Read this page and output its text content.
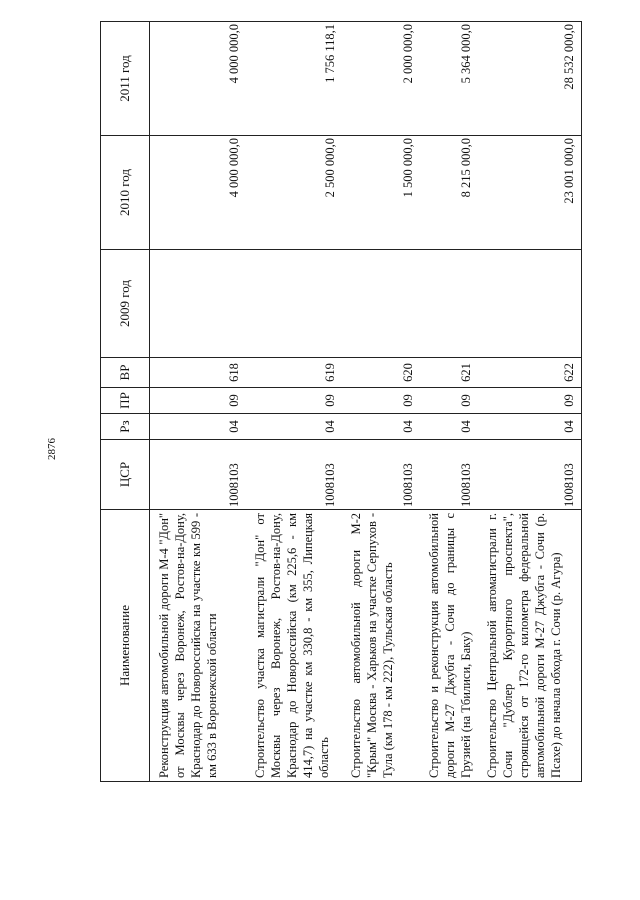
2876
Наименование	ЦСР	Рз	ПР	ВР	2009 год	2010 год	2011 год
Реконструкция автомобильной дороги М-4 "Дон" от Москвы через Воронеж, Ростов-на-Дону, Краснодар до Новороссийска на участке км 599 - км 633 в Воронежской области	1008103	04	09	618		4 000 000,0	4 000 000,0
Строительство участка магистрали "Дон" от Москвы через Воронеж, Ростов-на-Дону, Краснодар до Новороссийска (км 225,6 - км 414,7) на участке км 330,8 - км 355, Липецкая область	1008103	04	09	619		2 500 000,0	1 756 118,1
Строительство автомобильной дороги М-2 "Крым" Москва - Харьков на участке Серпухов - Тула (км 178 - км 222), Тульская область	1008103	04	09	620		1 500 000,0	2 000 000,0
Строительство и реконструкция автомобильной дороги М-27 Джубга - Сочи до границы с Грузией (на Тбилиси, Баку)	1008103	04	09	621		8 215 000,0	5 364 000,0
Строительство Центральной автомагистрали г. Сочи "Дублер Курортного проспекта", строящейся от 172-го километра федеральной автомобильной дороги М-27 Джубга - Сочи (р. Псахе) до начала обхода г. Сочи (р. Агура)	1008103	04	09	622		23 001 000,0	28 532 000,0
